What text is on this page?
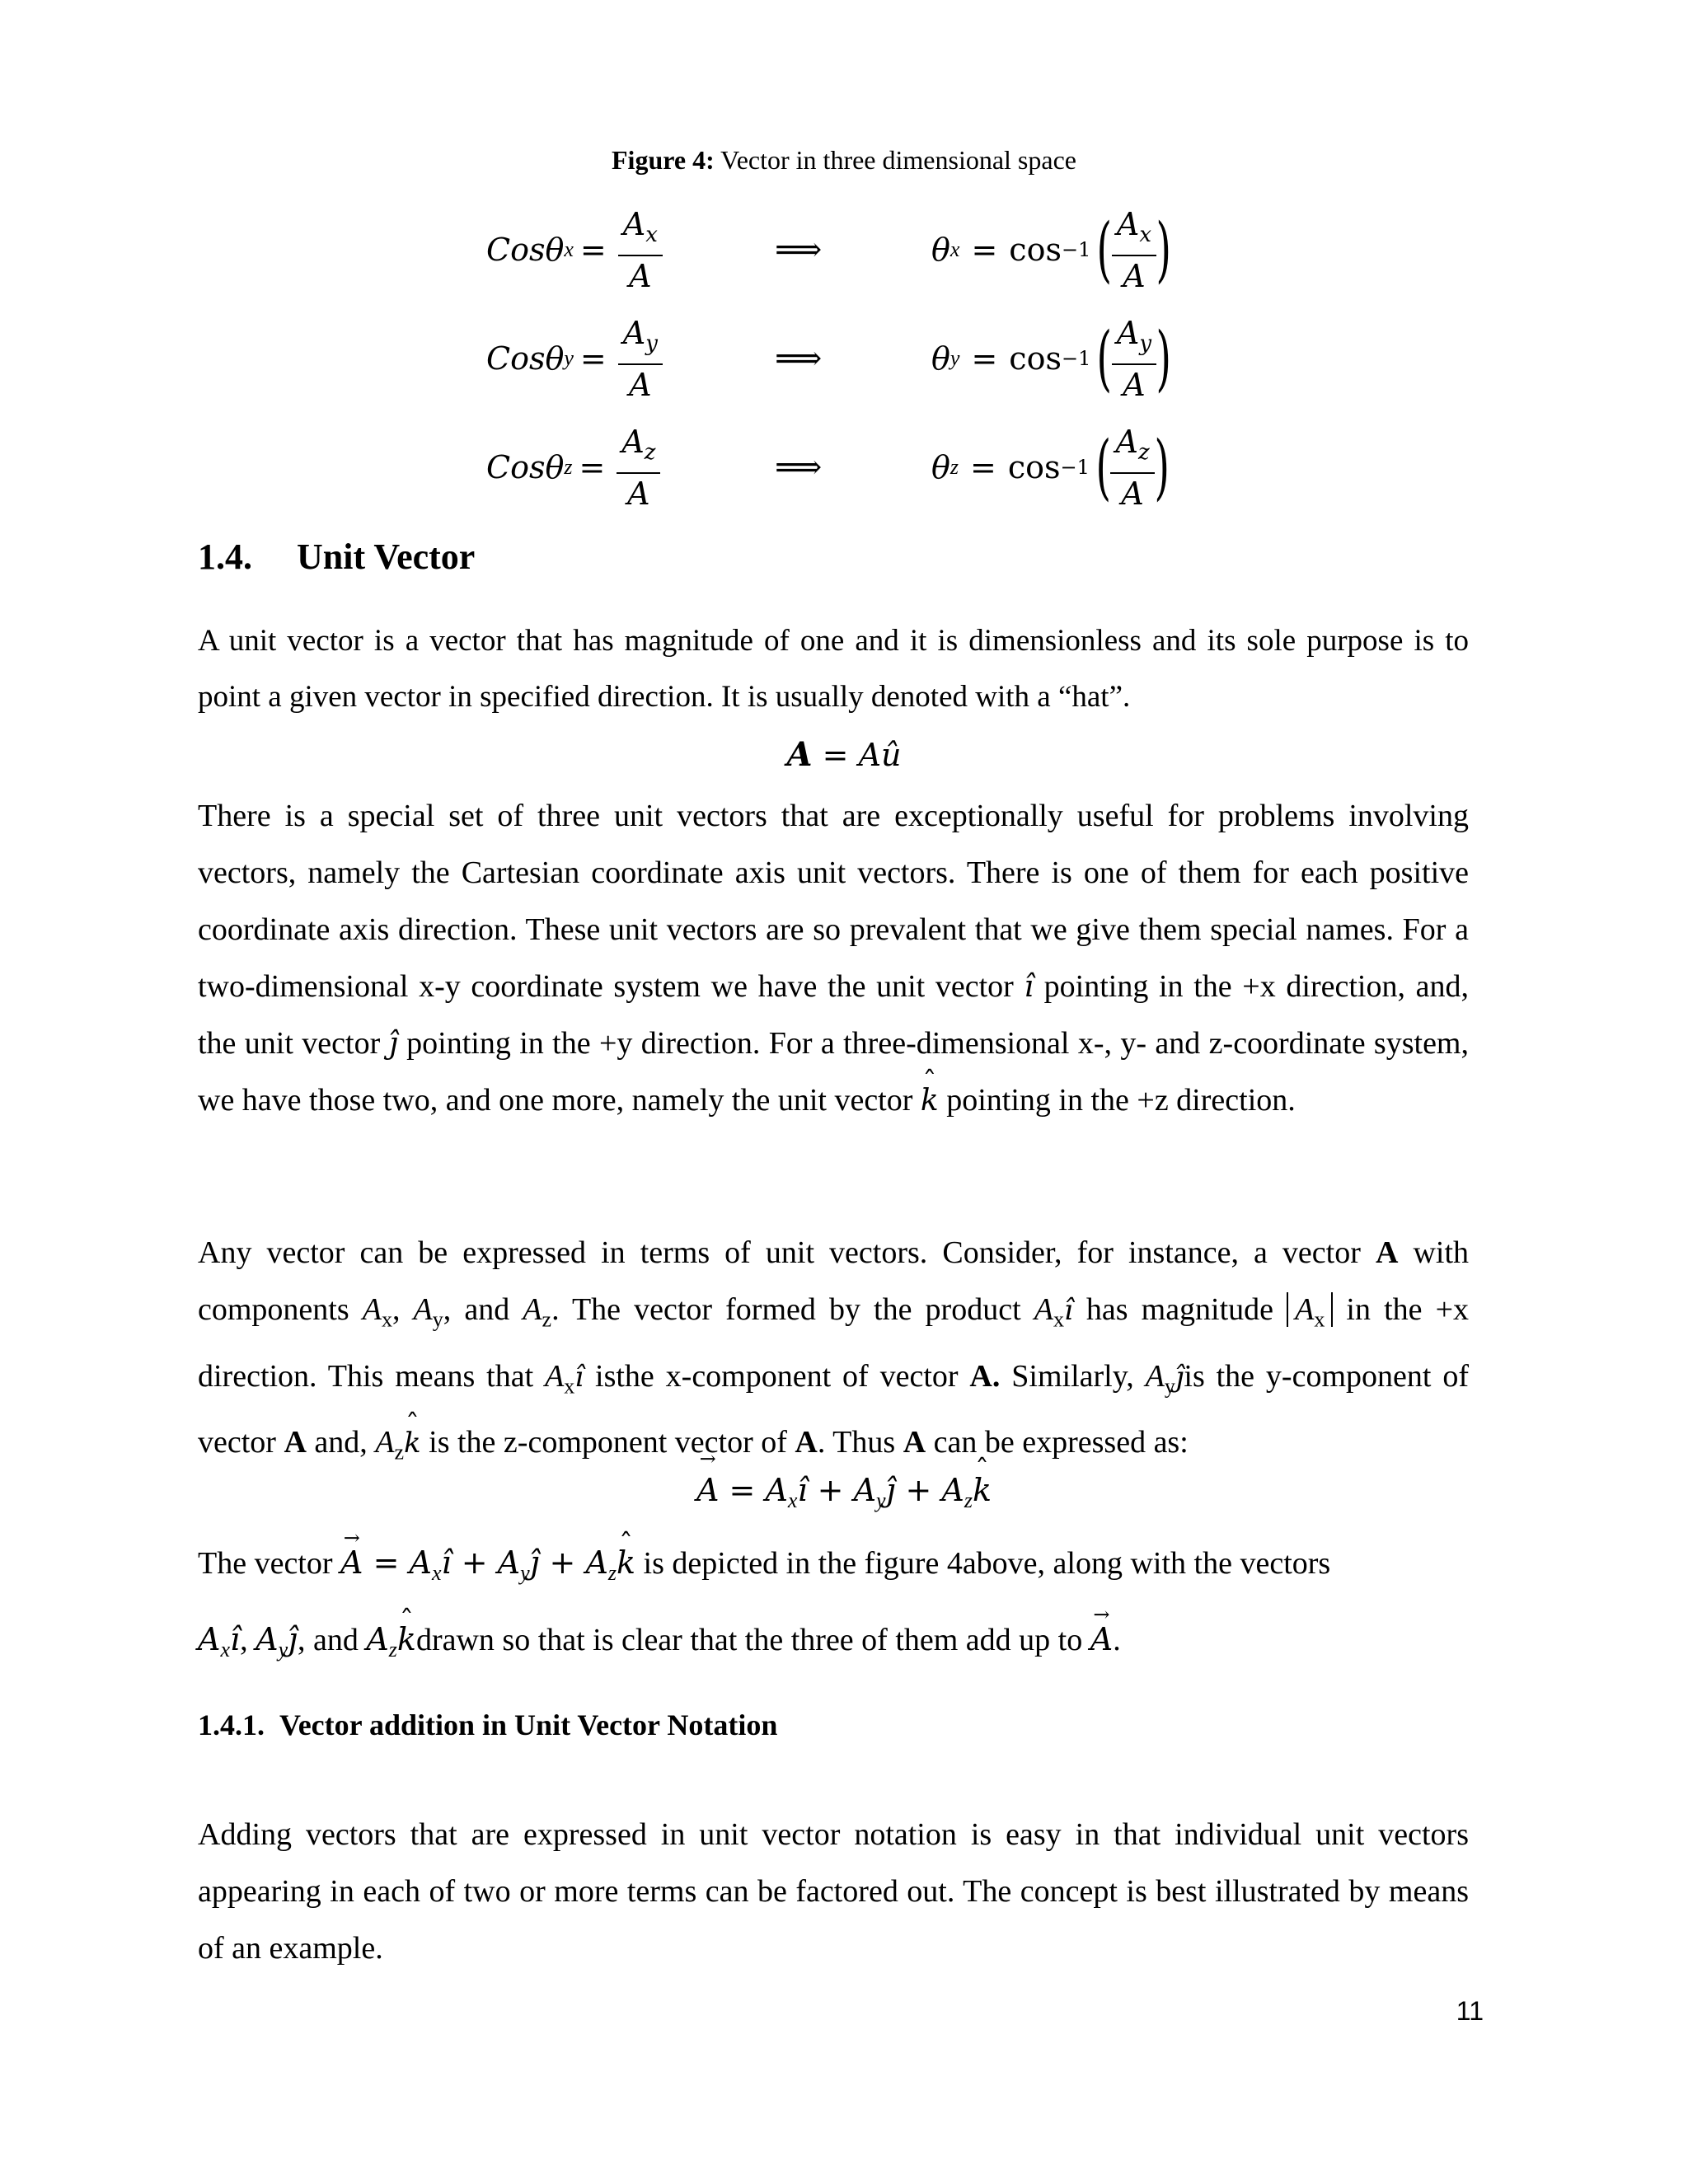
Figure 4: Vector in three dimensional space
Cos θ $x = \frac{A_x}{A}$	⟹	θ x = cos −1 ( $\frac{A_x}{A}$ )
Cos θ $y = \frac{A_y}{A}$	⟹	θ y = cos −1 ( $\frac{A_y}{A}$ )
Cos θ $z = \frac{A_z}{A}$	⟹	θ z = cos −1 ( $\frac{A_z}{A}$ )
1.4. Unit Vector
A unit vector is a vector that has magnitude of one and it is dimensionless and its sole purpose is to point a given vector in specified direction. It is usually denoted with a “hat”.
A = Aû
There is a special set of three unit vectors that are exceptionally useful for problems involving vectors, namely the Cartesian coordinate axis unit vectors. There is one of them for each positive coordinate axis direction. These unit vectors are so prevalent that we give them special names. For a two-dimensional x-y coordinate system we have the unit vector ı̂ pointing in the +x direction, and, the unit vector ȷ̂ pointing in the +y direction. For a three-dimensional x-, y- and z-coordinate system, we have those two, and one more, namely the unit vector ˆ k pointing in the +z direction.
Any vector can be expressed in terms of unit vectors. Consider, for instance, a vector A with components $A_x$, $A_y$, and $A_z$. The vector formed by the product $A_xı̂$ has magnitude $A_x$ in the +x direction. This means that $A_xı̂$ isthe x-component of vector A. Similarly, $A_yȷ̂is$ the y-component of vector A and, $A_zˆ$ k is the z-component vector of A. Thus A can be expressed as:
→ $A = A_xı̂$ + $A_yȷ̂$ + $A_zˆ$ k
The vector → $A = A_xı̂$ + $A_yȷ̂$ + $A_zˆ$ k is depicted in the figure 4above, along with the vectors
$A_xı̂$, $A_yȷ̂$, and $A_zˆ$ kdrawn so that is clear that the three of them add up to → A.
1.4.1. Vector addition in Unit Vector Notation
Adding vectors that are expressed in unit vector notation is easy in that individual unit vectors appearing in each of two or more terms can be factored out. The concept is best illustrated by means of an example.
11
